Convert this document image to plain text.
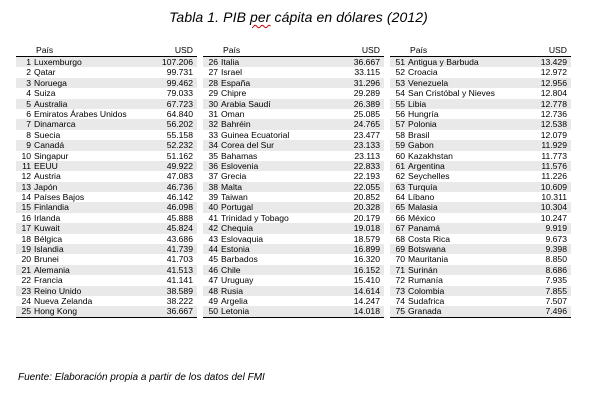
Tabla 1. PIB per cápita en dólares (2012)
País	USD
1 Luxemburgo	107.206
2 Qatar	99.731
3 Noruega	99.462
4 Suiza	79.033
5 Australia	67.723
6 Emiratos Árabes Unidos	64.840
7 Dinamarca	56.202
8 Suecia	55.158
9 Canadá	52.232
10 Singapur	51.162
11 EEUU	49.922
12 Austria	47.083
13 Japón	46.736
14 Países Bajos	46.142
15 Finlandia	46.098
16 Irlanda	45.888
17 Kuwait	45.824
18 Bélgica	43.686
19 Islandia	41.739
20 Brunei	41.703
21 Alemania	41.513
22 Francia	41.141
23 Reino Unido	38.589
24 Nueva Zelanda	38.222
25 Hong Kong	36.667
País	USD
26 Italia	36.667
27 Israel	33.115
28 España	31.296
29 Chipre	29.289
30 Arabia Saudí	26.389
31 Oman	25.085
32 Bahréin	24.765
33 Guinea Ecuatorial	23.477
34 Corea del Sur	23.133
35 Bahamas	23.113
36 Eslovenia	22.833
37 Grecia	22.193
38 Malta	22.055
39 Taiwan	20.852
40 Portugal	20.328
41 Trinidad y Tobago	20.179
42 Chequia	19.018
43 Eslovaquia	18.579
44 Estonia	16.899
45 Barbados	16.320
46 Chile	16.152
47 Uruguay	15.410
48 Rusia	14.614
49 Argelia	14.247
50 Letonia	14.018
País	USD
51 Antigua y Barbuda	13.429
52 Croacia	12.972
53 Venezuela	12.956
54 San Cristóbal y Nieves	12.804
55 Libia	12.778
56 Hungría	12.736
57 Polonia	12.538
58 Brasil	12.079
59 Gabon	11.929
60 Kazakhstan	11.773
61 Argentina	11.576
62 Seychelles	11.226
63 Turquía	10.609
64 Líbano	10.311
65 Malasia	10.304
66 México	10.247
67 Panamá	9.919
68 Costa Rica	9.673
69 Botswana	9.398
70 Mauritania	8.850
71 Surinán	8.686
72 Rumanía	7.935
73 Colombia	7.855
74 Sudafrica	7.507
75 Granada	7.496
Fuente: Elaboración propia a partir de los datos del FMI
